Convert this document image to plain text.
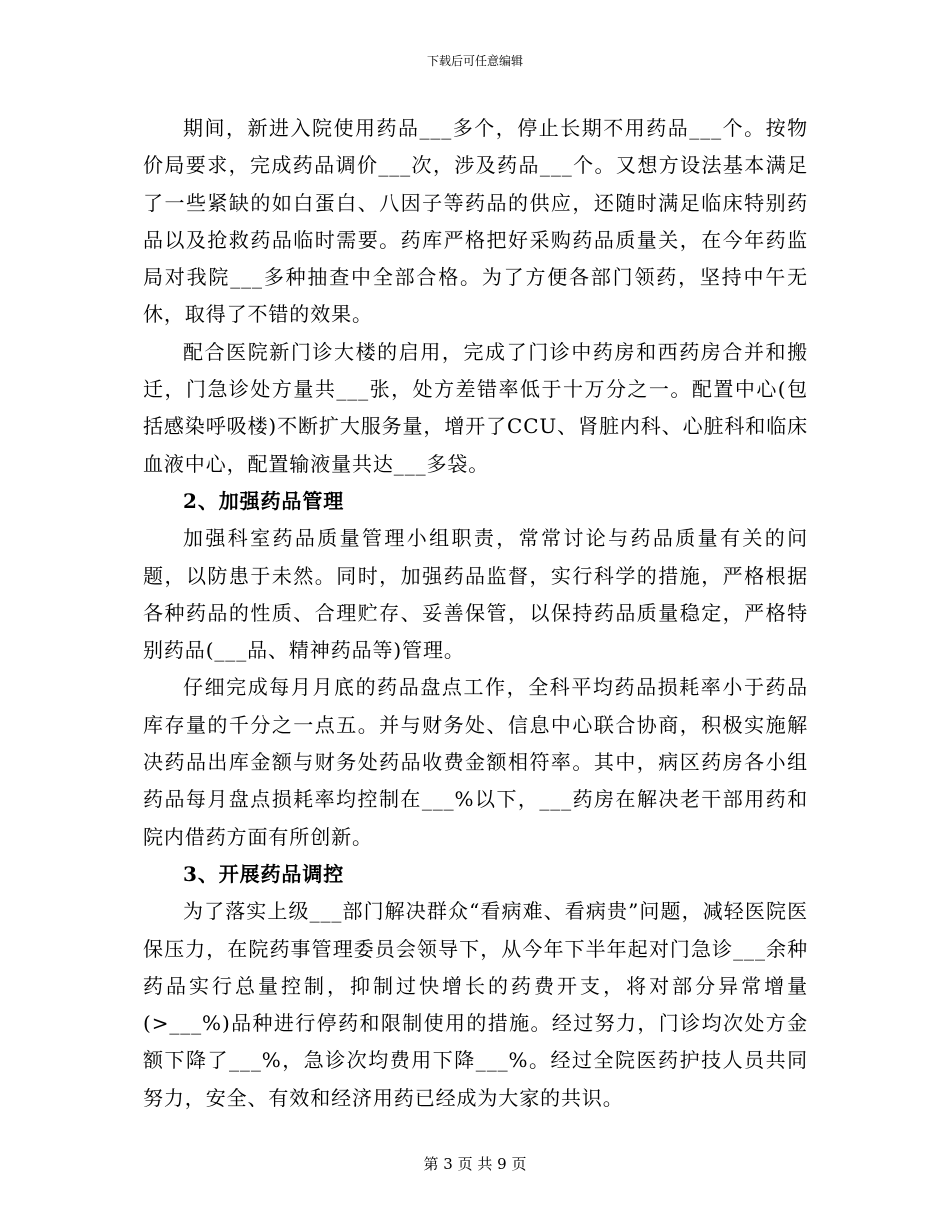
下载后可任意编辑

期间，新进入院使用药品___多个，停止长期不用药品___个。按物价局要求，完成药品调价___次，涉及药品___个。又想方设法基本满足了一些紧缺的如白蛋白、八因子等药品的供应，还随时满足临床特别药品以及抢救药品临时需要。药库严格把好采购药品质量关，在今年药监局对我院___多种抽查中全部合格。为了方便各部门领药，坚持中午无休，取得了不错的效果。

配合医院新门诊大楼的启用，完成了门诊中药房和西药房合并和搬迁，门急诊处方量共___张，处方差错率低于十万分之一。配置中心(包括感染呼吸楼)不断扩大服务量，增开了CCU、肾脏内科、心脏科和临床血液中心，配置输液量共达___多袋。

2、加强药品管理

加强科室药品质量管理小组职责，常常讨论与药品质量有关的问题，以防患于未然。同时，加强药品监督，实行科学的措施，严格根据各种药品的性质、合理贮存、妥善保管，以保持药品质量稳定，严格特别药品(___品、精神药品等)管理。

仔细完成每月月底的药品盘点工作，全科平均药品损耗率小于药品库存量的千分之一点五。并与财务处、信息中心联合协商，积极实施解决药品出库金额与财务处药品收费金额相符率。其中，病区药房各小组药品每月盘点损耗率均控制在___%以下，___药房在解决老干部用药和院内借药方面有所创新。

3、开展药品调控

为了落实上级___部门解决群众“看病难、看病贵”问题，减轻医院医保压力，在院药事管理委员会领导下，从今年下半年起对门急诊___余种药品实行总量控制，抑制过快增长的药费开支，将对部分异常增量(>___%)品种进行停药和限制使用的措施。经过努力，门诊均次处方金额下降了___%，急诊次均费用下降___%。经过全院医药护技人员共同努力，安全、有效和经济用药已经成为大家的共识。

第 3 页 共 9 页
